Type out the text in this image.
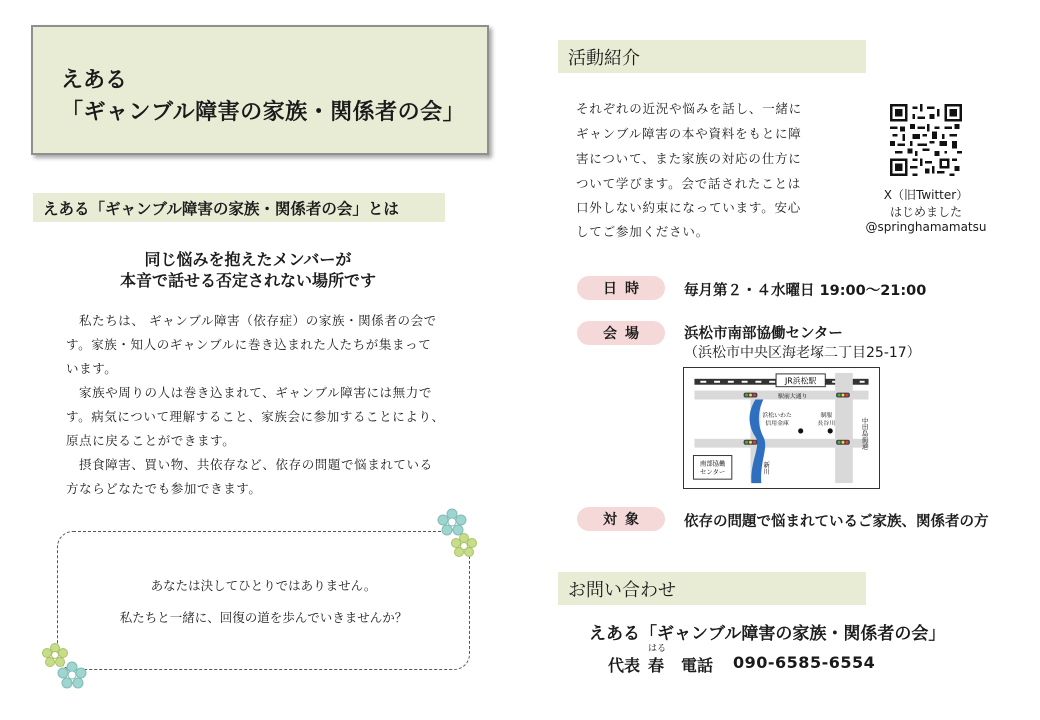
えある
「ギャンブル障害の家族・関係者の会」
えある「ギャンブル障害の家族・関係者の会」とは
同じ悩みを抱えたメンバーが
本音で話せる否定されない場所です
私たちは、 ギャンブル障害（依存症）の家族・関係者の会で
す。家族・知人のギャンブルに巻き込まれた人たちが集まって
います。
家族や周りの人は巻き込まれて、ギャンブル障害には無力で
す。病気について理解すること、家族会に参加することにより、
原点に戻ることができます。
摂食障害、買い物、共依存など、依存の問題で悩まれている
方ならどなたでも参加できます。
あなたは決してひとりではありません。
私たちと一緒に、回復の道を歩んでいきませんか？
活動紹介
それぞれの近況や悩みを話し、一緒に
ギャンブル障害の本や資料をもとに障
害について、また家族の対応の仕方に
ついて学びます。会で話されたことは
口外しない約束になっています。安心
してご参加ください。
X（旧Twitter）
はじめました
@springhamamatsu
日時	毎月第２・４水曜日 19:00～21:00
会場	浜松市南部協働センター
（浜松市中央区海老塚二丁目25-17）
JR浜松駅
駅前大通り
新川
浜松いわた
信用金庫
制服
長谷川	中田島街道
南部協働
センター
対象	依存の問題で悩まれているご家族、関係者の方
お問い合わせ
えある「ギャンブル障害の家族・関係者の会」
代表
はる
春 電話 090-6585-6554
